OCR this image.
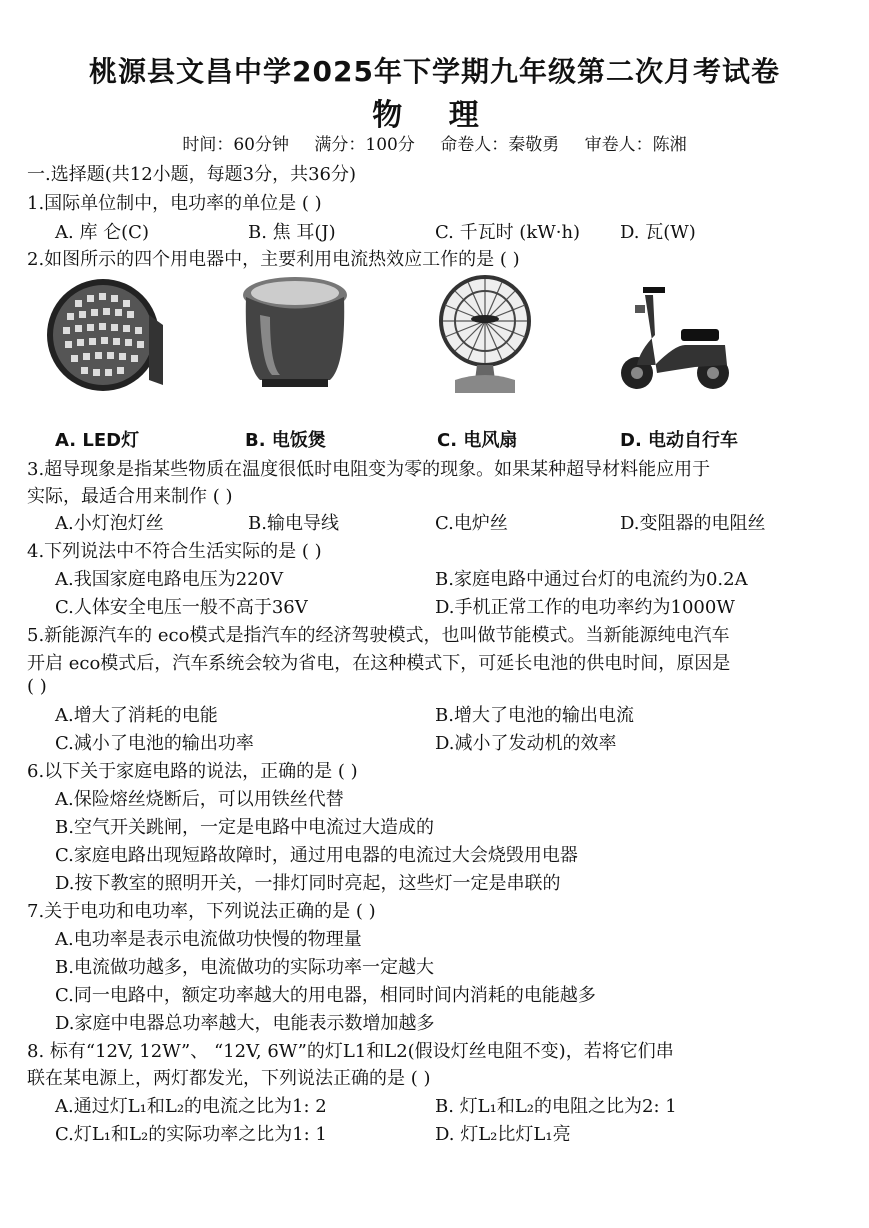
桃源县文昌中学2025年下学期九年级第二次月考试卷
物 理
时间：60分钟 满分：100分 命卷人：秦敬勇 审卷人：陈湘
一.选择题(共12小题，每题3分，共36分)
1.国际单位制中，电功率的单位是 ( )
A. 库 仑(C)	B. 焦 耳(J)	C. 千瓦时 (kW·h) D. 瓦(W)
2.如图所示的四个用电器中，主要利用电流热效应工作的是 ( )
A. LED灯	B. 电饭煲	C. 电风扇	D. 电动自行车
3.超导现象是指某些物质在温度很低时电阻变为零的现象。如果某种超导材料能应用于
实际，最适合用来制作 ( )
A.小灯泡灯丝	B.输电导线	C.电炉丝	D.变阻器的电阻丝
4.下列说法中不符合生活实际的是 ( )
A.我国家庭电路电压为220V	B.家庭电路中通过台灯的电流约为0.2A
C.人体安全电压一般不高于36V	D.手机正常工作的电功率约为1000W
5.新能源汽车的 eco模式是指汽车的经济驾驶模式，也叫做节能模式。当新能源纯电汽车
开启 eco模式后，汽车系统会较为省电，在这种模式下，可延长电池的供电时间，原因是
( )
A.增大了消耗的电能	B.增大了电池的输出电流
C.减小了电池的输出功率	D.减小了发动机的效率
6.以下关于家庭电路的说法，正确的是 ( )
A.保险熔丝烧断后，可以用铁丝代替
B.空气开关跳闸，一定是电路中电流过大造成的
C.家庭电路出现短路故障时，通过用电器的电流过大会烧毁用电器
D.按下教室的照明开关，一排灯同时亮起，这些灯一定是串联的
7.关于电功和电功率，下列说法正确的是 ( )
A.电功率是表示电流做功快慢的物理量
B.电流做功越多，电流做功的实际功率一定越大
C.同一电路中，额定功率越大的用电器，相同时间内消耗的电能越多
D.家庭中电器总功率越大，电能表示数增加越多
8. 标有“12V, 12W”、 “12V, 6W”的灯L1和L2(假设灯丝电阻不变)，若将它们串
联在某电源上，两灯都发光，下列说法正确的是 ( )
A.通过灯L₁和L₂的电流之比为1: 2	B. 灯L₁和L₂的电阻之比为2: 1
C.灯L₁和L₂的实际功率之比为1: 1	D. 灯L₂比灯L₁亮
